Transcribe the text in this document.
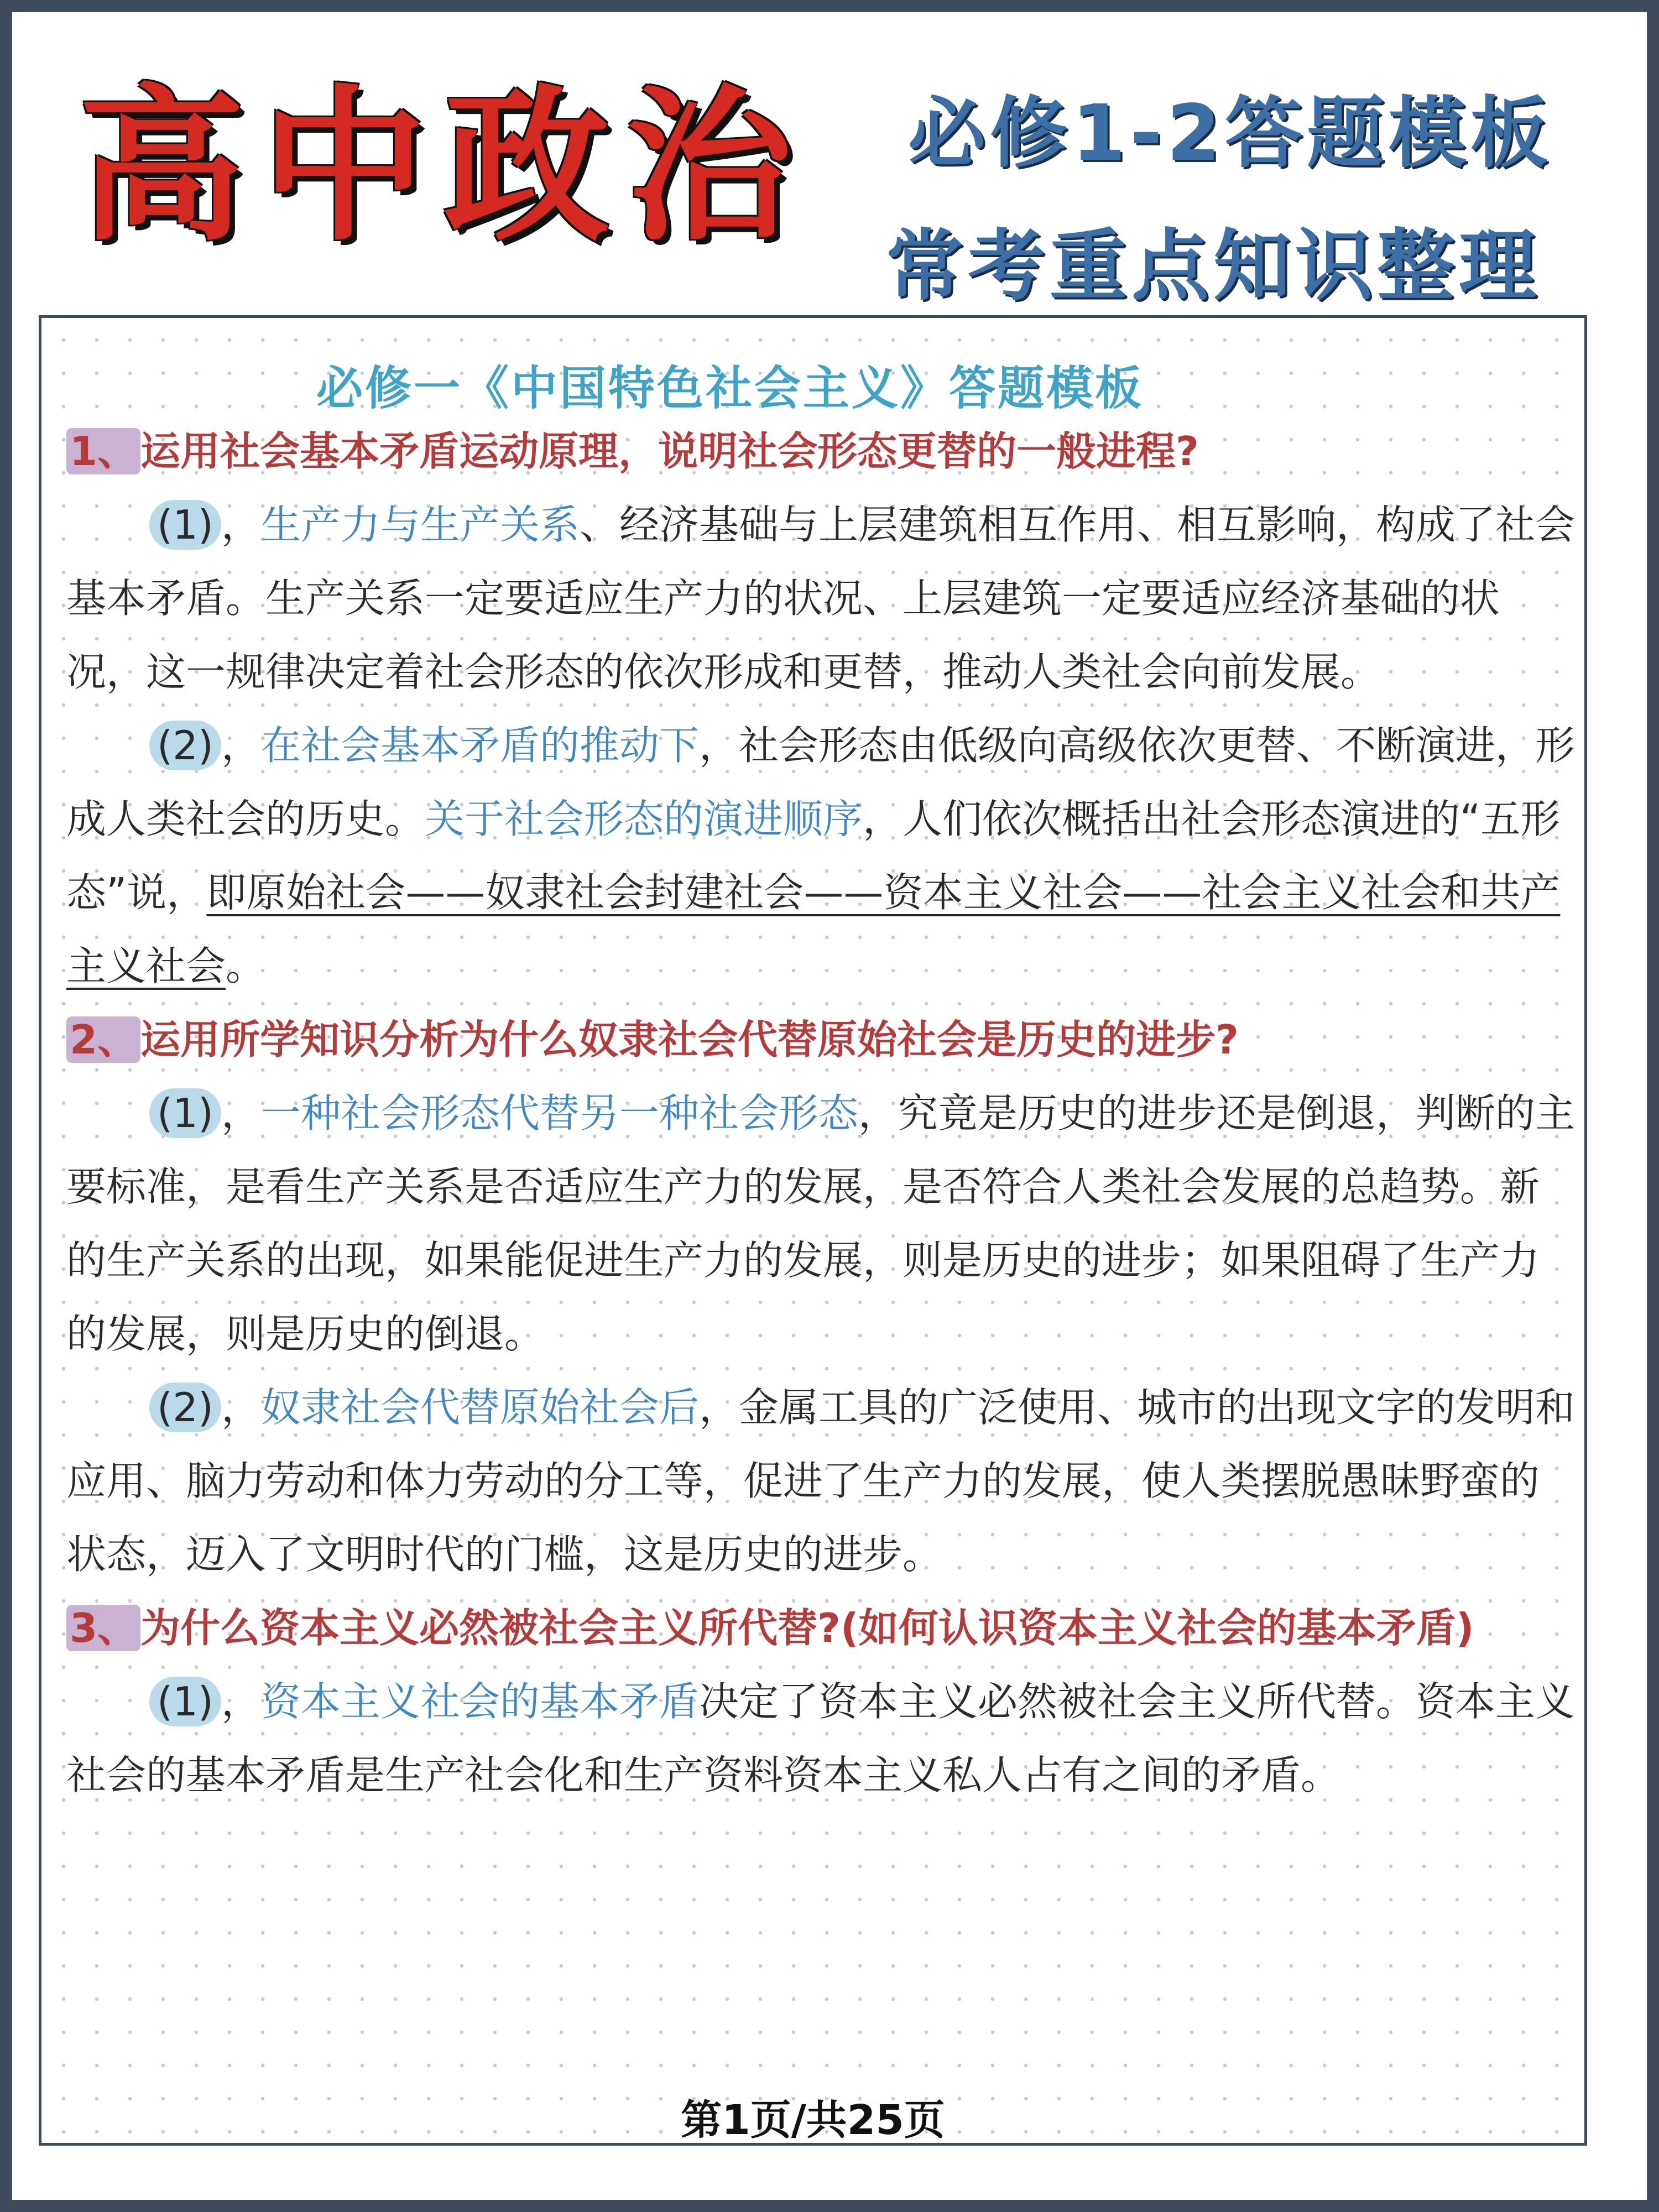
高中政治 必修1-2答题模板
常考重点知识整理
必修一《中国特色社会主义》答题模板
1、运用社会基本矛盾运动原理，说明社会形态更替的一般进程?
(1) ，生产力与生产关系、经济基础与上层建筑相互作用、相互影响，构成了社会基本矛盾。生产关系一定要适应生产力的状况、上层建筑一定要适应经济基础的状况，这一规律决定着社会形态的依次形成和更替，推动人类社会向前发展。
(2) ，在社会基本矛盾的推动下，社会形态由低级向高级依次更替、不断演进，形成人类社会的历史。关于社会形态的演进顺序，人们依次概括出社会形态演进的“五形态”说，即原始社会——奴隶社会封建社会——资本主义社会——社会主义社会和共产主义社会。
2、运用所学知识分析为什么奴隶社会代替原始社会是历史的进步?
(1) ，一种社会形态代替另一种社会形态，究竟是历史的进步还是倒退，判断的主要标准，是看生产关系是否适应生产力的发展，是否符合人类社会发展的总趋势。新的生产关系的出现，如果能促进生产力的发展，则是历史的进步；如果阻碍了生产力的发展，则是历史的倒退。
(2) ，奴隶社会代替原始社会后，金属工具的广泛使用、城市的出现文字的发明和应用、脑力劳动和体力劳动的分工等，促进了生产力的发展，使人类摆脱愚昧野蛮的状态，迈入了文明时代的门槛，这是历史的进步。
3、为什么资本主义必然被社会主义所代替?(如何认识资本主义社会的基本矛盾)
(1) ，资本主义社会的基本矛盾决定了资本主义必然被社会主义所代替。资本主义社会的基本矛盾是生产社会化和生产资料资本主义私人占有之间的矛盾。
第1页/共25页
